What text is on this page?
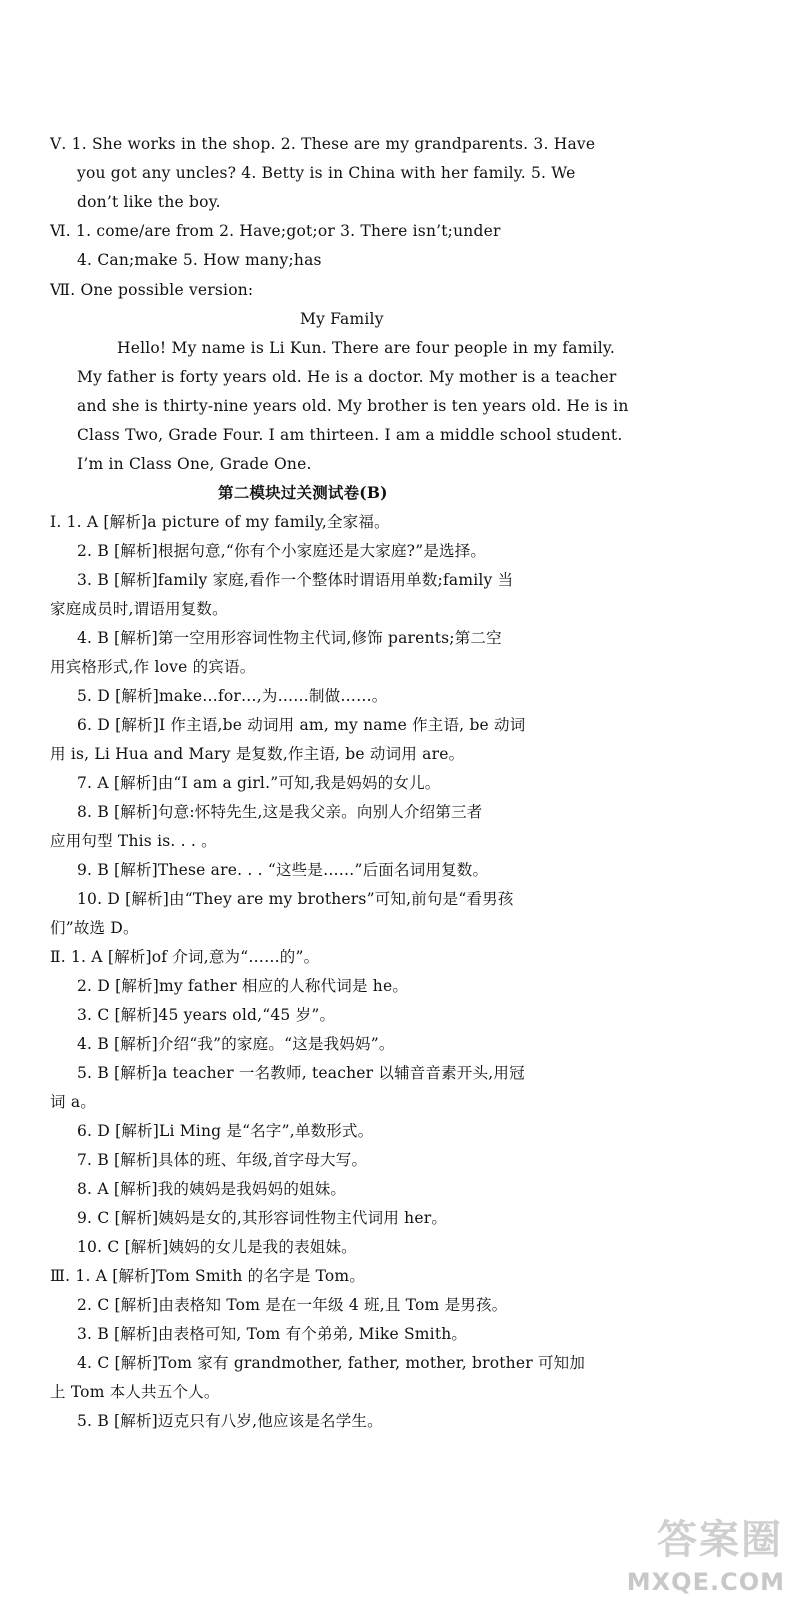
Ⅴ. 1. She works in the shop. 2. These are my grandparents. 3. Have
you got any uncles? 4. Betty is in China with her family. 5. We
don’t like the boy.
Ⅵ. 1. come/are from 2. Have;got;or 3. There isn’t;under
4. Can;make 5. How many;has
Ⅶ. One possible version:
My Family
Hello! My name is Li Kun. There are four people in my family.
My father is forty years old. He is a doctor. My mother is a teacher
and she is thirty-nine years old. My brother is ten years old. He is in
Class Two, Grade Four. I am thirteen. I am a middle school student.
I’m in Class One, Grade One.
第二模块过关测试卷(B)
Ⅰ. 1. A [解析]a picture of my family,全家福。
2. B [解析]根据句意,“你有个小家庭还是大家庭?”是选择。
3. B [解析]family 家庭,看作一个整体时谓语用单数;family 当
家庭成员时,谓语用复数。
4. B [解析]第一空用形容词性物主代词,修饰 parents;第二空
用宾格形式,作 love 的宾语。
5. D [解析]make…for…,为……制做……。
6. D [解析]I 作主语,be 动词用 am, my name 作主语, be 动词
用 is, Li Hua and Mary 是复数,作主语, be 动词用 are。
7. A [解析]由“I am a girl.”可知,我是妈妈的女儿。
8. B [解析]句意:怀特先生,这是我父亲。向别人介绍第三者
应用句型 This is. . . 。
9. B [解析]These are. . . “这些是……”后面名词用复数。
10. D [解析]由“They are my brothers”可知,前句是“看男孩
们”故选 D。
Ⅱ. 1. A [解析]of 介词,意为“……的”。
2. D [解析]my father 相应的人称代词是 he。
3. C [解析]45 years old,“45 岁”。
4. B [解析]介绍“我”的家庭。“这是我妈妈”。
5. B [解析]a teacher 一名教师, teacher 以辅音音素开头,用冠
词 a。
6. D [解析]Li Ming 是“名字”,单数形式。
7. B [解析]具体的班、年级,首字母大写。
8. A [解析]我的姨妈是我妈妈的姐妹。
9. C [解析]姨妈是女的,其形容词性物主代词用 her。
10. C [解析]姨妈的女儿是我的表姐妹。
Ⅲ. 1. A [解析]Tom Smith 的名字是 Tom。
2. C [解析]由表格知 Tom 是在一年级 4 班,且 Tom 是男孩。
3. B [解析]由表格可知, Tom 有个弟弟, Mike Smith。
4. C [解析]Tom 家有 grandmother, father, mother, brother 可知加
上 Tom 本人共五个人。
5. B [解析]迈克只有八岁,他应该是名学生。
答案圈
MXQE.COM
